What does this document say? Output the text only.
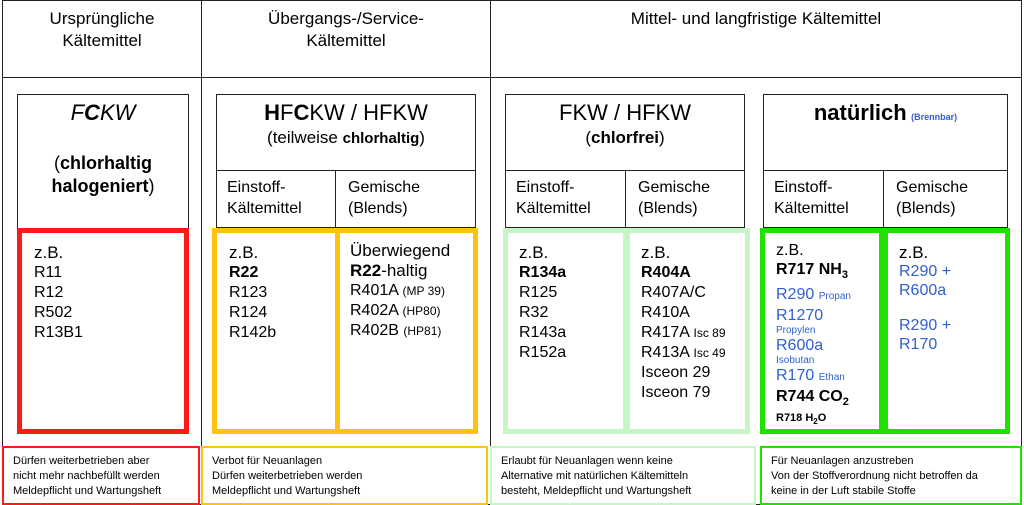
Ursprüngliche
Kältemittel
Übergangs-/Service-
Kältemittel
Mittel- und langfristige Kältemittel
FCKW
(chlorhaltig
halogeniert)
z.B.
R11
R12
R502
R13B1
Dürfen weiterbetrieben aber
nicht mehr nachbefüllt werden
Meldepflicht und Wartungsheft
HFCKW / HFKW
(teilweise chlorhaltig)
Einstoff-
Kältemittel
Gemische
(Blends)
z.B.
R22
R123
R124
R142b
Überwiegend
R22-haltig
R401A (MP 39)
R402A (HP80)
R402B (HP81)
Verbot für Neuanlagen
Dürfen weiterbetrieben werden
Meldepflicht und Wartungsheft
FKW / HFKW
(chlorfrei)
Einstoff-
Kältemittel
Gemische
(Blends)
z.B.
R134a
R125
R32
R143a
R152a
z.B.
R404A
R407A/C
R410A
R417A Isc 89
R413A Isc 49
Isceon 29
Isceon 79
Erlaubt für Neuanlagen wenn keine
Alternative mit natürlichen Kältemitteln
besteht, Meldepflicht und Wartungsheft
natürlich (Brennbar)
Einstoff-
Kältemittel
Gemische
(Blends)
z.B.
R717 $NH_3$
R290 Propan
R1270
Propylen
R600a
Isobutan
R170 Ethan
R744 $CO_2$
R718 $H_2O$
z.B.
R290 +
R600a
R290 +
R170
Für Neuanlagen anzustreben
Von der Stoffverordnung nicht betroffen da
keine in der Luft stabile Stoffe
